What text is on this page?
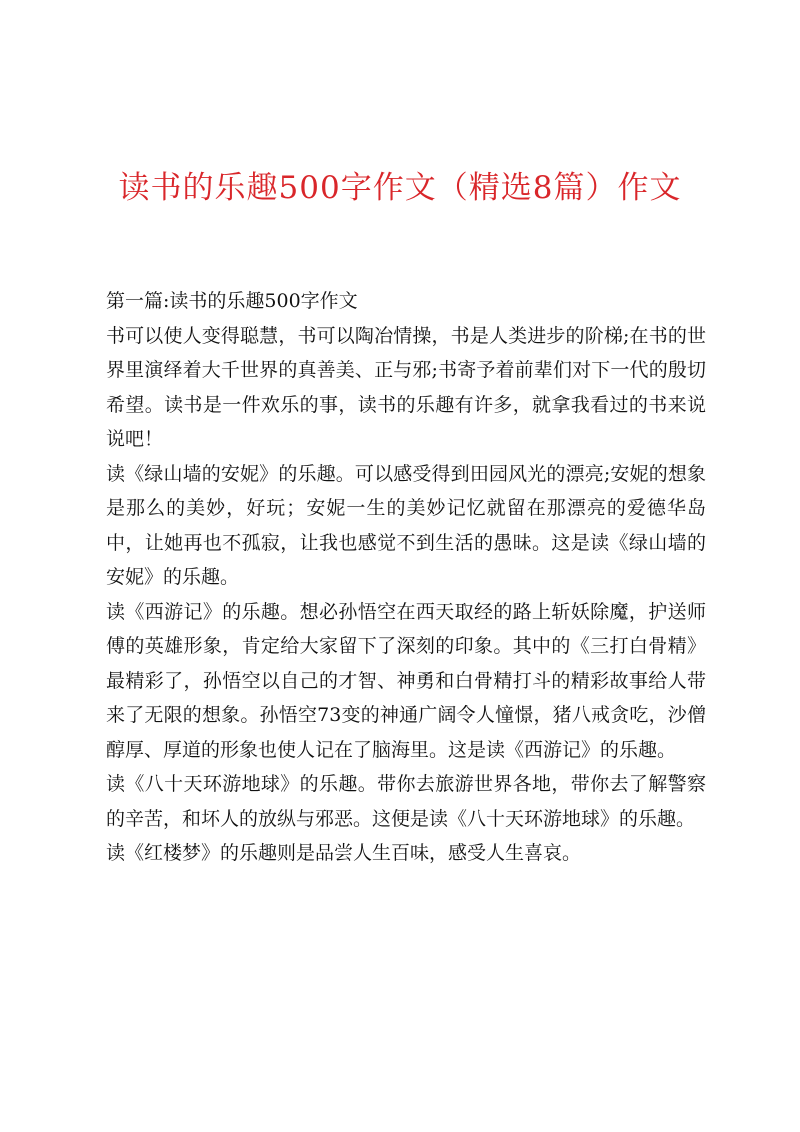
读书的乐趣500字作文（精选8篇）作文
第一篇:读书的乐趣500字作文

书可以使人变得聪慧，书可以陶冶情操，书是人类进步的阶梯;在书的世界里演绎着大千世界的真善美、正与邪;书寄予着前辈们对下一代的殷切希望。读书是一件欢乐的事，读书的乐趣有许多，就拿我看过的书来说说吧！

读《绿山墙的安妮》的乐趣。可以感受得到田园风光的漂亮;安妮的想象是那么的美妙，好玩；安妮一生的美妙记忆就留在那漂亮的爱德华岛中，让她再也不孤寂，让我也感觉不到生活的愚昧。这是读《绿山墙的安妮》的乐趣。

读《西游记》的乐趣。想必孙悟空在西天取经的路上斩妖除魔，护送师傅的英雄形象，肯定给大家留下了深刻的印象。其中的《三打白骨精》最精彩了，孙悟空以自己的才智、神勇和白骨精打斗的精彩故事给人带来了无限的想象。孙悟空73变的神通广阔令人憧憬，猪八戒贪吃，沙僧醇厚、厚道的形象也使人记在了脑海里。这是读《西游记》的乐趣。

读《八十天环游地球》的乐趣。带你去旅游世界各地，带你去了解警察的辛苦，和坏人的放纵与邪恶。这便是读《八十天环游地球》的乐趣。

读《红楼梦》的乐趣则是品尝人生百味，感受人生喜哀。
